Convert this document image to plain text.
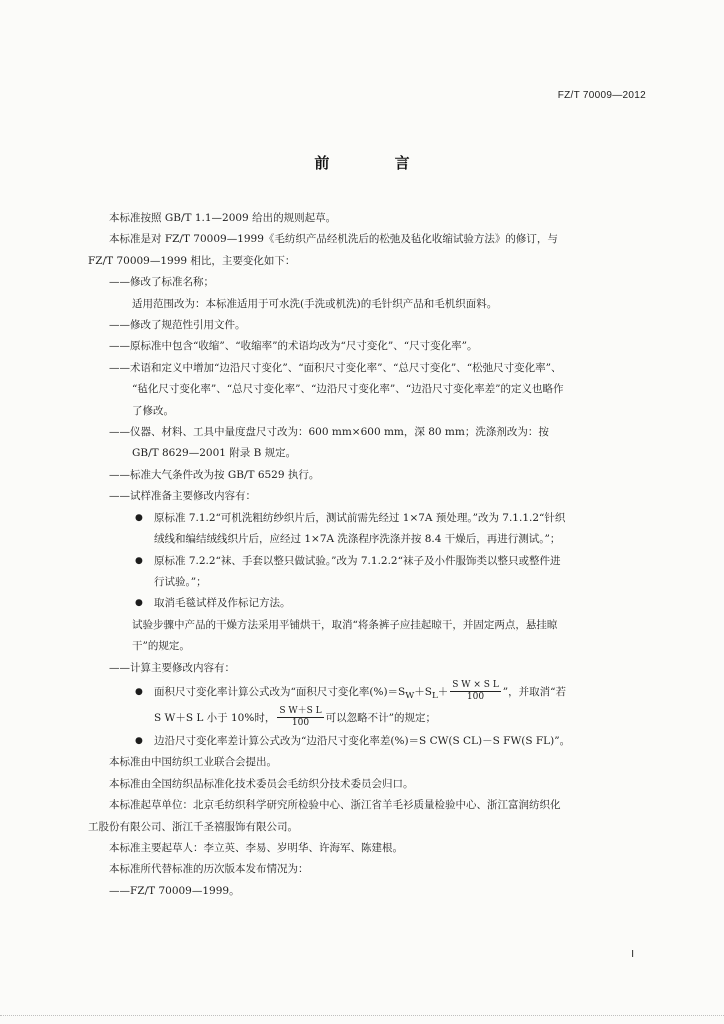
FZ/T 70009—2012
前 言

本标准按照 GB/T 1.1—2009 给出的规则起草。

本标准是对 FZ/T 70009—1999《毛纺织产品经机洗后的松弛及毡化收缩试验方法》的修订，与

FZ/T 70009—1999 相比，主要变化如下：

——修改了标准名称；

适用范围改为：本标准适用于可水洗(手洗或机洗)的毛针织产品和毛机织面料。

——修改了规范性引用文件。

——原标准中包含“收缩”、“收缩率”的术语均改为“尺寸变化”、“尺寸变化率”。

——术语和定义中增加“边沿尺寸变化”、“面积尺寸变化率”、“总尺寸变化”、“松弛尺寸变化率”、

“毡化尺寸变化率”、“总尺寸变化率”、“边沿尺寸变化率”、“边沿尺寸变化率差”的定义也略作

了修改。

——仪器、材料、工具中量度盘尺寸改为：600 mm×600 mm，深 80 mm；洗涤剂改为：按

GB/T 8629—2001 附录 B 规定。

——标准大气条件改为按 GB/T 6529 执行。

——试样准备主要修改内容有：

● 原标准 7.1.2“可机洗粗纺纱织片后，测试前需先经过 1×7A 预处理。”改为 7.1.1.2“针织

绒线和编结绒线织片后，应经过 1×7A 洗涤程序洗涤并按 8.4 干燥后，再进行测试。”；

● 原标准 7.2.2“袜、手套以整只做试验。”改为 7.1.2.2“袜子及小件服饰类以整只或整件进

行试验。”；

● 取消毛毯试样及作标记方法。

试验步骤中产品的干燥方法采用平铺烘干，取消“将条裤子应挂起晾干，并固定两点，悬挂晾

干”的规定。

——计算主要修改内容有：

● 面积尺寸变化率计算公式改为“面积尺寸变化率$(\%)=S_W+S_L+ \frac{\text{S W × S L}}{100}$ ”，并取消“若

S W＋S L 小于 10%时， $\frac{\text{S W＋S L}}{100}$ 可以忽略不计”的规定；

● 边沿尺寸变化率差计算公式改为“边沿尺寸变化率差(%)＝S CW(S CL)－S FW(S FL)”。

本标准由中国纺织工业联合会提出。

本标准由全国纺织品标准化技术委员会毛纺织分技术委员会归口。

本标准起草单位：北京毛纺织科学研究所检验中心、浙江省羊毛衫质量检验中心、浙江富润纺织化

工股份有限公司、浙江千圣禧服饰有限公司。

本标准主要起草人：李立英、李易、岁明华、许海军、陈建根。

本标准所代替标准的历次版本发布情况为：

——FZ/T 70009—1999。

I
